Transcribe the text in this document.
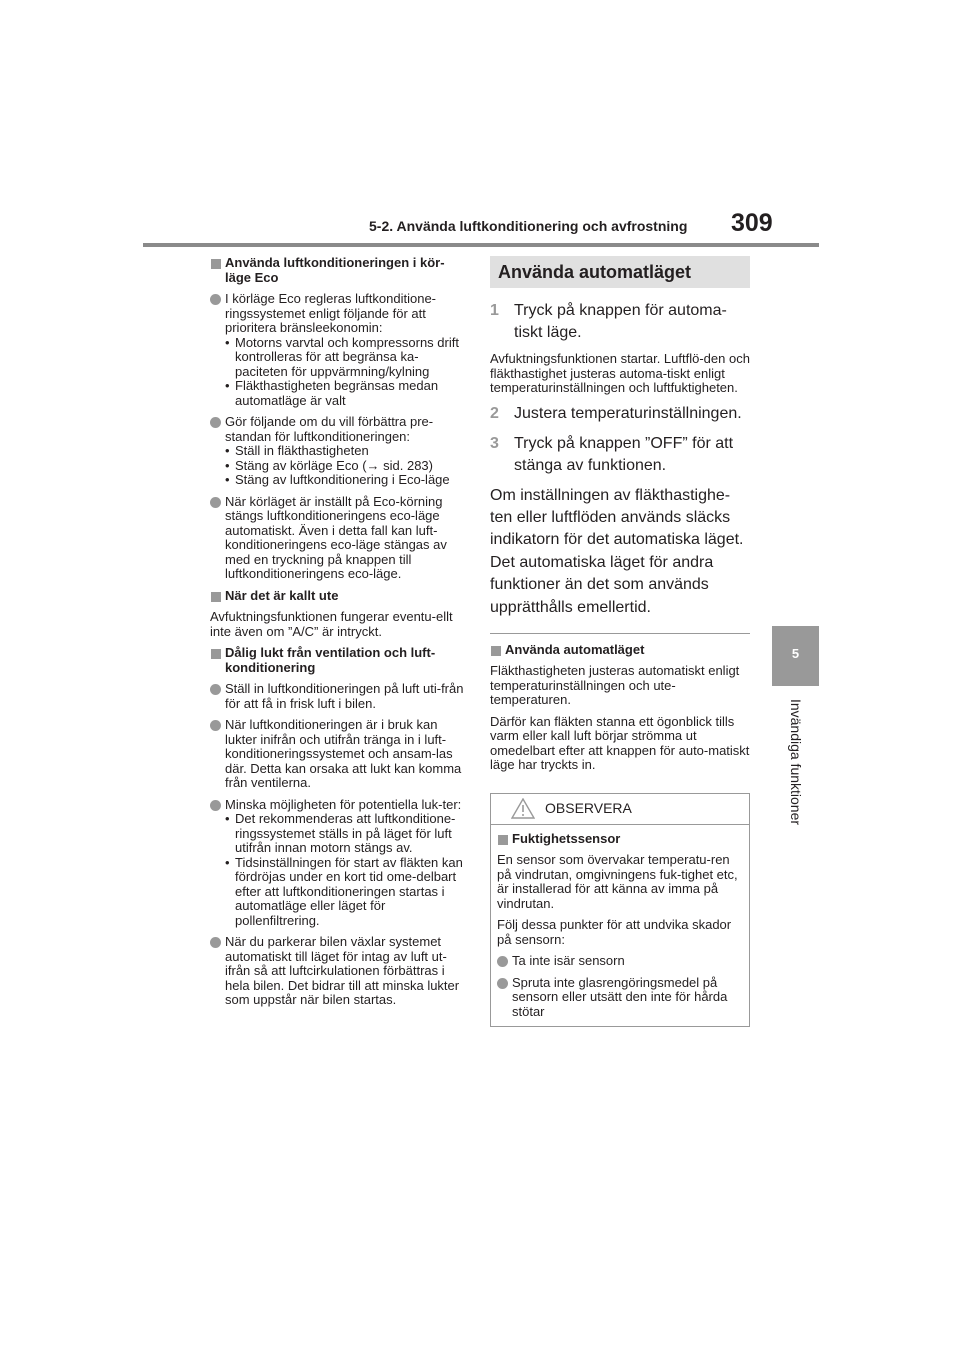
5-2. Använda luftkonditionering och avfrostning 309
5
Invändiga funktioner
Använda luftkonditioneringen i kör-läge Eco
I körläge Eco regleras luftkonditione-ringssystemet enligt följande för att prioritera bränsleekonomin:
• Motorns varvtal och kompressorns drift kontrolleras för att begränsa ka-paciteten för uppvärmning/kylning
• Fläkthastigheten begränsas medan automatläge är valt
Gör följande om du vill förbättra pre-standan för luftkonditioneringen:
• Ställ in fläkthastigheten
• Stäng av körläge Eco (→ sid. 283)
• Stäng av luftkonditionering i Eco-läge
När körläget är inställt på Eco-körning stängs luftkonditioneringens eco-läge automatiskt. Även i detta fall kan luft-konditioneringens eco-läge stängas av med en tryckning på knappen till luftkonditioneringens eco-läge.
När det är kallt ute
Avfuktningsfunktionen fungerar eventu-ellt inte även om ”A/C” är intryckt.
Dålig lukt från ventilation och luft-konditionering
Ställ in luftkonditioneringen på luft uti-från för att få in frisk luft i bilen.
När luftkonditioneringen är i bruk kan lukter inifrån och utifrån tränga in i luft-konditioneringssystemet och ansam-las där. Detta kan orsaka att lukt kan komma från ventilerna.
Minska möjligheten för potentiella luk-ter:
• Det rekommenderas att luftkonditione-ringssystemet ställs in på läget för luft utifrån innan motorn stängs av.
• Tidsinställningen för start av fläkten kan fördröjas under en kort tid ome-delbart efter att luftkonditioneringen startas i automatläge eller läget för pollenfiltrering.
När du parkerar bilen växlar systemet automatiskt till läget för intag av luft ut-ifrån så att luftcirkulationen förbättras i hela bilen. Det bidrar till att minska lukter som uppstår när bilen startas.
Använda automatläget
1 Tryck på knappen för automa-tiskt läge.
Avfuktningsfunktionen startar. Luftflö-den och fläkthastighet justeras automa-tiskt enligt temperaturinställningen och luftfuktigheten.
2 Justera temperaturinställningen.
3 Tryck på knappen ”OFF” för att stänga av funktionen.
Om inställningen av fläkthastighe-ten eller luftflöden används släcks indikatorn för det automatiska läget. Det automatiska läget för andra funktioner än det som används upprätthålls emellertid.
Använda automatläget
Fläkthastigheten justeras automatiskt enligt temperaturinställningen och ute-temperaturen.
Därför kan fläkten stanna ett ögonblick tills varm eller kall luft börjar strömma ut omedelbart efter att knappen för auto-matiskt läge har tryckts in.
OBSERVERA
Fuktighetssensor
En sensor som övervakar temperatu-ren på vindrutan, omgivningens fuk-tighet etc, är installerad för att känna av imma på vindrutan.
Följ dessa punkter för att undvika skador på sensorn:
Ta inte isär sensorn
Spruta inte glasrengöringsmedel på sensorn eller utsätt den inte för hårda stötar
